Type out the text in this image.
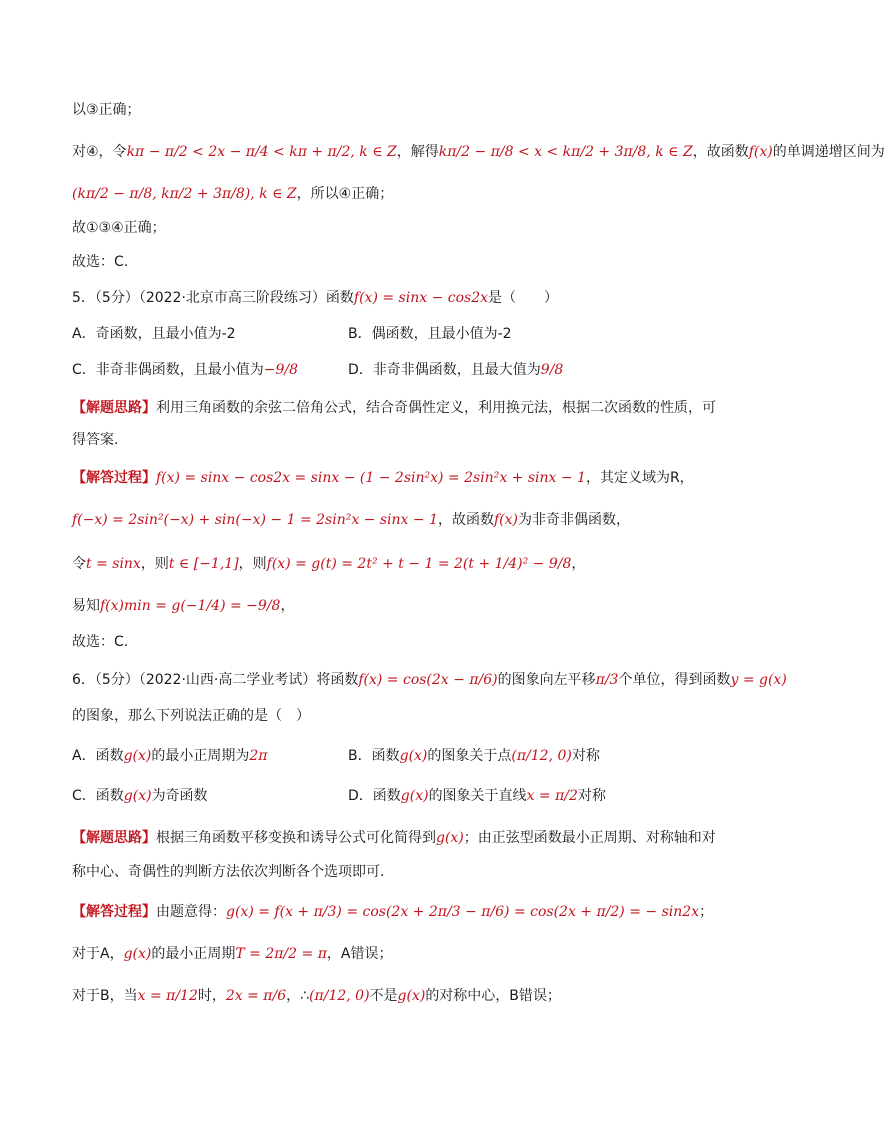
以③正确；
对④，令kπ − π/2 < 2x − π/4 < kπ + π/2, k ∈ Z，解得kπ/2 − π/8 < x < kπ/2 + 3π/8, k ∈ Z，故函数f(x)的单调递增区间为
(kπ/2 − π/8, kπ/2 + 3π/8), k ∈ Z，所以④正确；
故①③④正确；
故选：C.
5．（5分）（2022·北京市高三阶段练习）函数f(x) = sinx − cos2x是（　　）
A．奇函数，且最小值为-2	B．偶函数，且最小值为-2
C．非奇非偶函数，且最小值为−9/8	D．非奇非偶函数，且最大值为9/8
【解题思路】利用三角函数的余弦二倍角公式，结合奇偶性定义，利用换元法，根据二次函数的性质，可
得答案.
【解答过程】f(x) = sinx − cos2x = sinx − (1 − 2sin²x) = 2sin²x + sinx − 1，其定义域为R，
f(−x) = 2sin²(−x) + sin(−x) − 1 = 2sin²x − sinx − 1，故函数f(x)为非奇非偶函数，
令t = sinx，则t ∈ [−1,1]，则f(x) = g(t) = 2t² + t − 1 = 2(t + 1/4)² − 9/8，
易知f(x)min = g(−1/4) = −9/8，
故选：C.
6．（5分）（2022·山西·高二学业考试）将函数f(x) = cos(2x − π/6)的图象向左平移π/3个单位，得到函数y = g(x)
的图象，那么下列说法正确的是（　）
A．函数g(x)的最小正周期为2π	B．函数g(x)的图象关于点(π/12, 0)对称
C．函数g(x)为奇函数	D．函数g(x)的图象关于直线x = π/2对称
【解题思路】根据三角函数平移变换和诱导公式可化简得到g(x)；由正弦型函数最小正周期、对称轴和对
称中心、奇偶性的判断方法依次判断各个选项即可.
【解答过程】由题意得：g(x) = f(x + π/3) = cos(2x + 2π/3 − π/6) = cos(2x + π/2) = − sin2x；
对于A，g(x)的最小正周期T = 2π/2 = π，A错误；
对于B，当x = π/12时，2x = π/6，∴(π/12, 0)不是g(x)的对称中心，B错误；
